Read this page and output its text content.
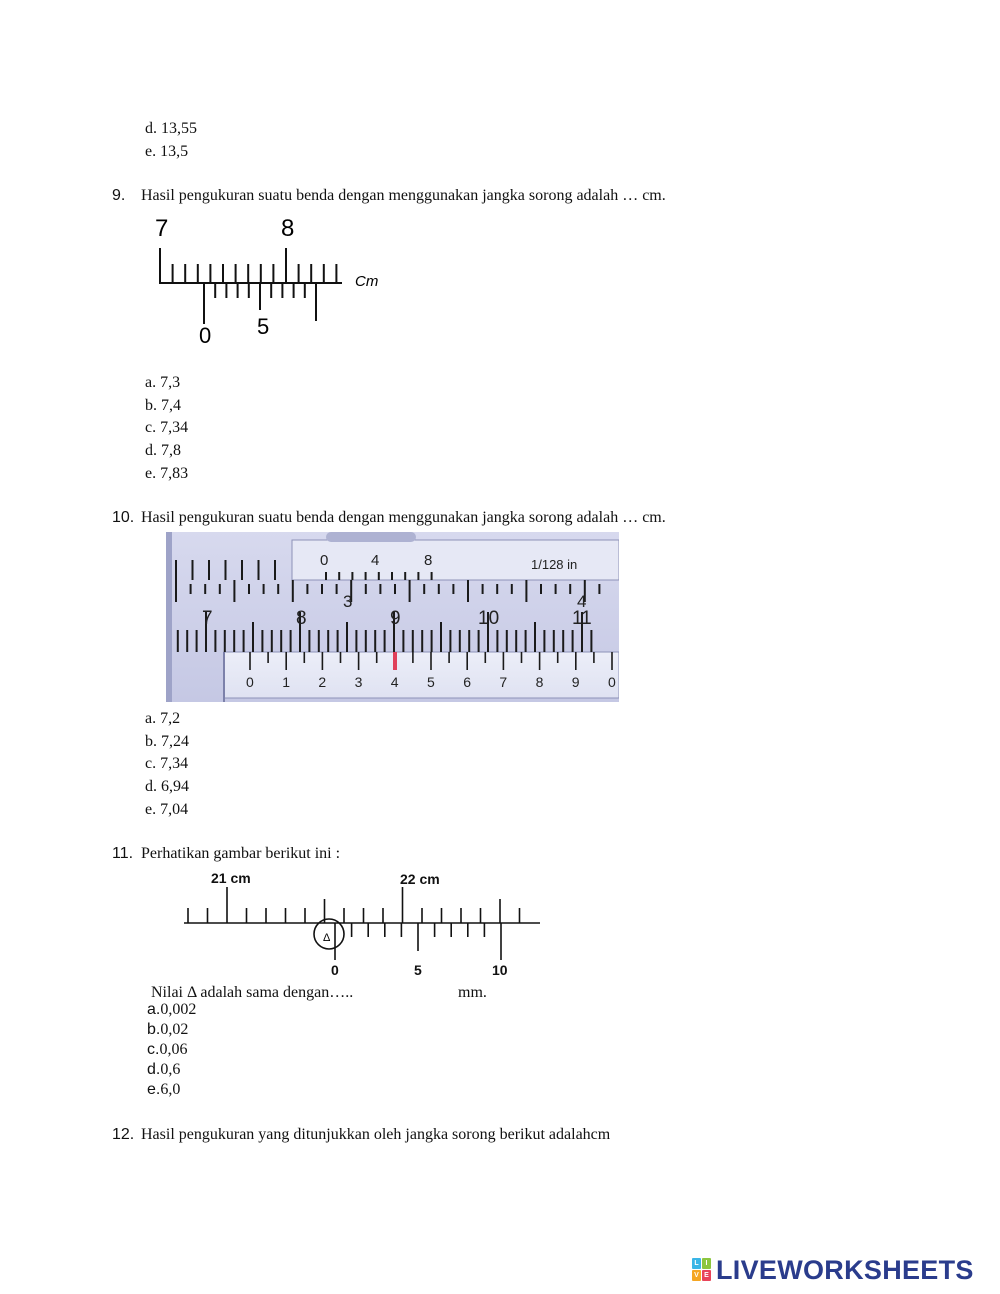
d. 13,55
e. 13,5
9. Hasil pengukuran suatu benda dengan menggunakan jangka sorong adalah … cm.
7	8
0 5
Cm
a. 7,3
b. 7,4
c. 7,34
d. 7,8
e. 7,83
10. Hasil pengukuran suatu benda dengan menggunakan jangka sorong adalah … cm.
0	4	8	1/128 in
3	4
7	8	9	10	11
0 1 2 3 4 5 6 7 8 9 0
a. 7,2
b. 7,24
c. 7,34
d. 6,94
e. 7,04
11. Perhatikan gambar berikut ini :
Δ
21 cm	22 cm
0	5	10
Nilai Δ adalah sama dengan…..	mm.
a.0,002
b.0,02
c.0,06
d.0,6
e.6,0
12. Hasil pengukuran yang ditunjukkan oleh jangka sorong berikut adalahcm
L I
V E LIVEWORKSHEETS
